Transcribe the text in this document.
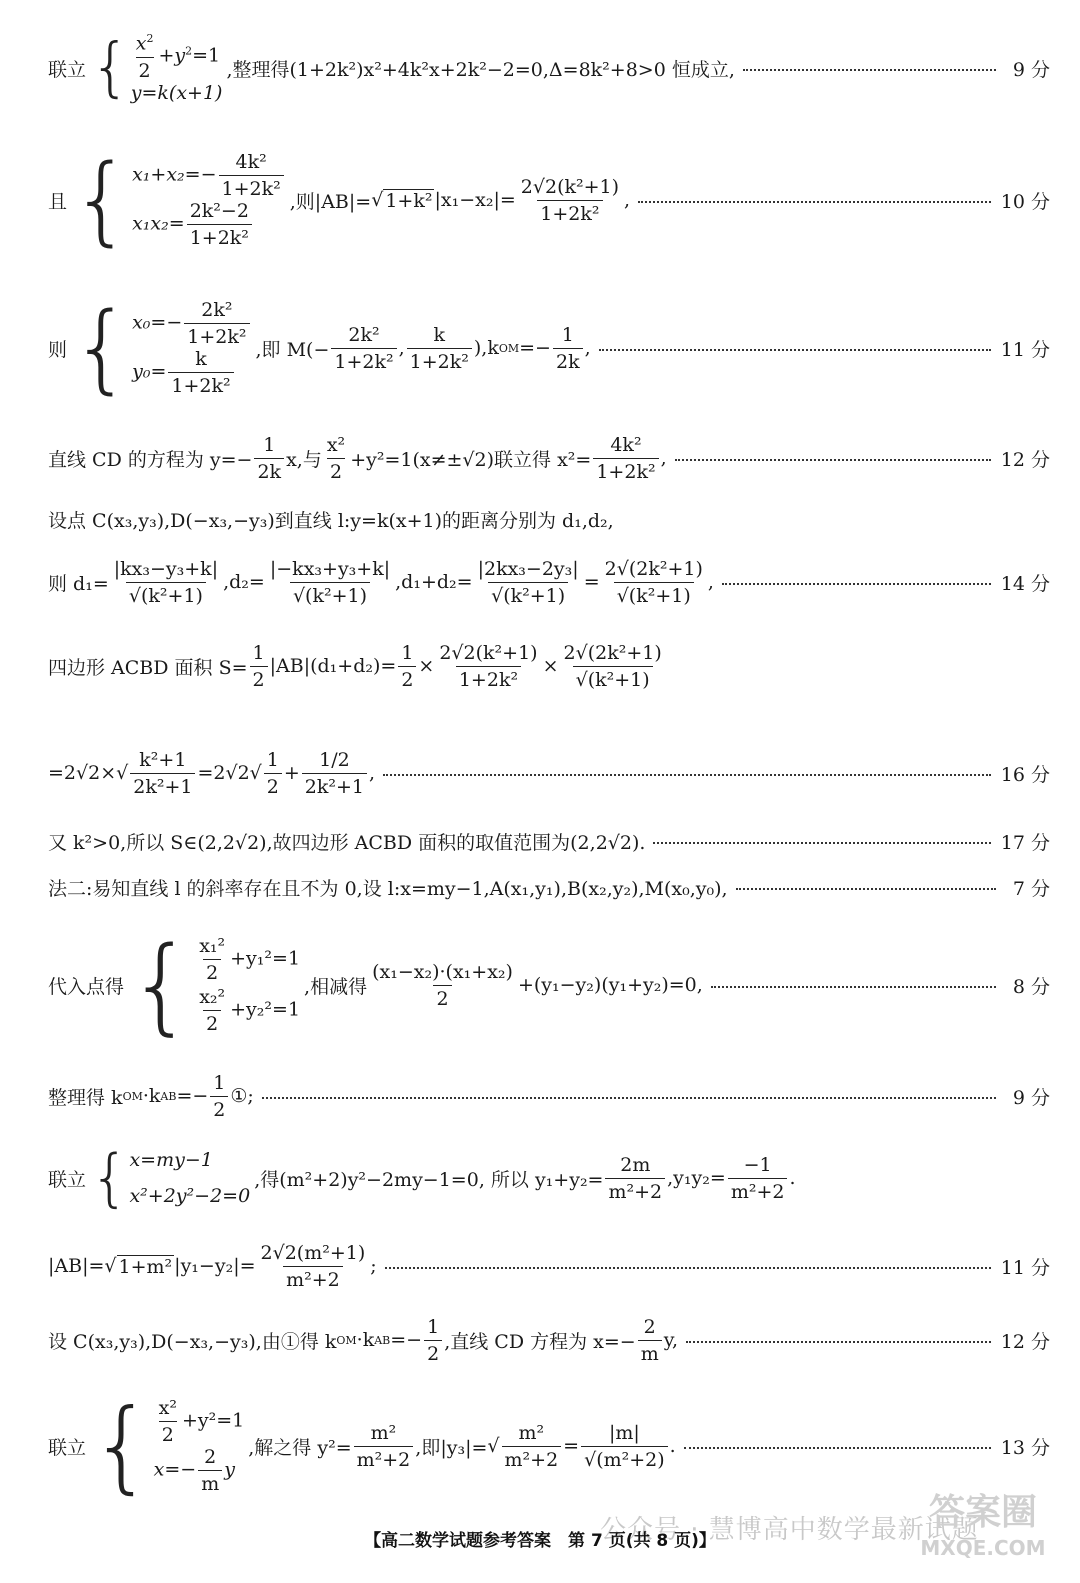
联立 { $\frac{x^2}{2} +y^2=1$
y=k(x+1)
,整理得(1+2k²)x²+4k²x+2k²−2=0,Δ=8k²+8>0 恒成立,	9 分
且 { $x_1+x_2=- \frac{\text{4k²}}{\text{1+2k²}}$
$x_1x_2= \frac{\text{2k²−2}}{\text{1+2k²}}$ ,则|AB|= √ 1+k² $|x_1-x_2|= \frac{\text{2√2(k²+1)}}{\text{1+2k²}}$ ,	10 分
则 { $x_0=- \frac{\text{2k²}}{\text{1+2k²}}$
$y_0= \frac{k}{\text{1+2k²}}$ ,即 $M(- \frac{\text{2k²}}{\text{1+2k²}}$ , $\frac{k}{\text{1+2k²}} ),k$ OM =− $\frac{1}{2k}$ ,	11 分
直线 CD 的方程为 $y=- \frac{1}{2k} x$,与 $\frac{\text{x²}}{2} +y^2=1(x\ne\pm√2)$联立得 $x^2= \frac{\text{4k²}}{\text{1+2k²}}$ ,	12 分
设点 C(x₃,y₃),D(−x₃,−y₃)到直线 l:y=k(x+1)的距离分别为 d₁,d₂,
则 $d_1= \frac{\text{|kx₃−y₃+k|}}{\text{√(k²+1)}} ,d_2= \frac{\text{|−kx₃+y₃+k|}}{\text{√(k²+1)}} ,d_1+d_2= \frac{\text{|2kx₃−2y₃|}}{\text{√(k²+1)}} = \frac{\text{2√(2k²+1)}}{\text{√(k²+1)}}$ ,	14 分
四边形 ACBD 面积 $S= \frac{1}{2} |AB|(d_1+d_2)= \frac{1}{2} \times \frac{\text{2√2(k²+1)}}{\text{1+2k²}} \times \frac{\text{2√(2k²+1)}}{\text{√(k²+1)}}$
$=2√2\times√ \frac{\text{k²+1}}{\text{2k²+1}} =2√2√ \frac{1}{2} + \frac{1/2}{\text{2k²+1}}$ ,	16 分
又 k²>0,所以 S∈(2,2√2),故四边形 ACBD 面积的取值范围为(2,2√2).	17 分
法二:易知直线 l 的斜率存在且不为 0,设 l:x=my−1,A(x₁,y₁),B(x₂,y₂),M(x₀,y₀),	7 分
代入点得 { $\frac{\text{x₁²}}{2} +y_1^2=1$
$\frac{\text{x₂²}}{2} +y_2^2=1$
,相减得 $\frac{\text{(x₁−x₂)·(x₁+x₂)}}{2} +(y_1-y_2)(y_1+y_2)=0$,	8 分
整理得 k OM ·k AB =− $\frac{1}{2}$ ①;	9 分
联立 { x=my−1
x²+2y²−2=0
,得(m²+2)y²−2my−1=0, 所以 $y_1+y_2= \frac{2m}{\text{m²+2}} ,y_1y_2= \frac{-1}{\text{m²+2}}$ .
|AB|= √ 1+m² $|y_1-y_2|= \frac{\text{2√2(m²+1)}}{\text{m²+2}}$ ;	11 分
设 C(x₃,y₃),D(−x₃,−y₃),由①得 k OM ·k AB =− $\frac{1}{2}$ ,直线 CD 方程为 $x=- \frac{2}{m} y$,	12 分
联立 { $\frac{\text{x²}}{2} +y^2=1$
$x=- \frac{2}{m}$ y
,解之得 $y^2= \frac{\text{m²}}{\text{m²+2}}$ ,即|y₃|= √ $\frac{\text{m²}}{\text{m²+2}} = \frac{|m|}{\text{√(m²+2)}}$ .	13 分
公众号 · 慧博高中数学最新试题
答案圈
MXQE.COM
【高二数学试题参考答案　第 7 页(共 8 页)】
